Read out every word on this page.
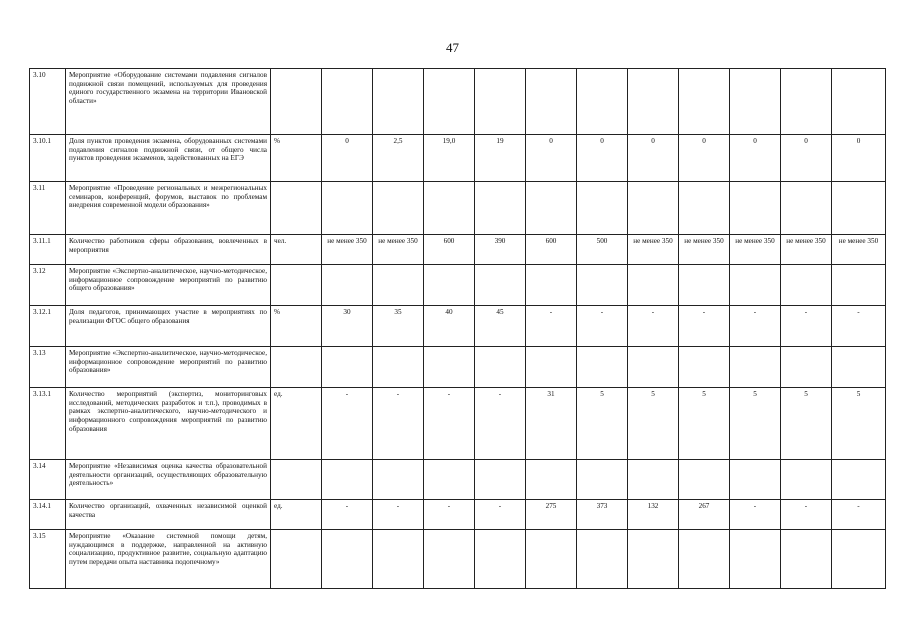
47
3.10	Мероприятие «Оборудование системами подавления сигналов подвижной связи помещений, используемых для проведения единого государственного экзамена на территории Ивановской области»												
3.10.1	Доля пунктов проведения экзамена, оборудованных системами подавления сигналов подвижной связи, от общего числа пунктов проведения экзаменов, задействованных на ЕГЭ	%	0	2,5	19,0	19	0	0	0	0	0	0	0
3.11	Мероприятие «Проведение региональных и межрегиональных семинаров, конференций, форумов, выставок по проблемам внедрения современной модели образования»												
3.11.1	Количество работников сферы образования, вовлеченных в мероприятия	чел.	не менее 350	не менее 350	600	390	600	500	не менее 350	не менее 350	не менее 350	не менее 350	не менее 350
3.12	Мероприятие «Экспертно-аналитическое, научно-методическое, информационное сопровождение мероприятий по развитию общего образования»												
3.12.1	Доля педагогов, принимающих участие в мероприятиях по реализации ФГОС общего образования	%	30	35	40	45	-	-	-	-	-	-	-
3.13	Мероприятие «Экспертно-аналитическое, научно-методическое, информационное сопровождение мероприятий по развитию образования»												
3.13.1	Количество мероприятий (экспертиз, мониторинговых исследований, методических разработок и т.п.), проводимых в рамках экспертно-аналитического, научно-методического и информационного сопровождения мероприятий по развитию образования	ед.	-	-	-	-	31	5	5	5	5	5	5
3.14	Мероприятие «Независимая оценка качества образовательной деятельности организаций, осуществляющих образовательную деятельность»												
3.14.1	Количество организаций, охваченных независимой оценкой качества	ед.	-	-	-	-	275	373	132	267	-	-	-
3.15	Мероприятие «Оказание системной помощи детям, нуждающимся в поддержке, направленной на активную социализацию, продуктивное развитие, социальную адаптацию путем передачи опыта наставника подопечному»												
